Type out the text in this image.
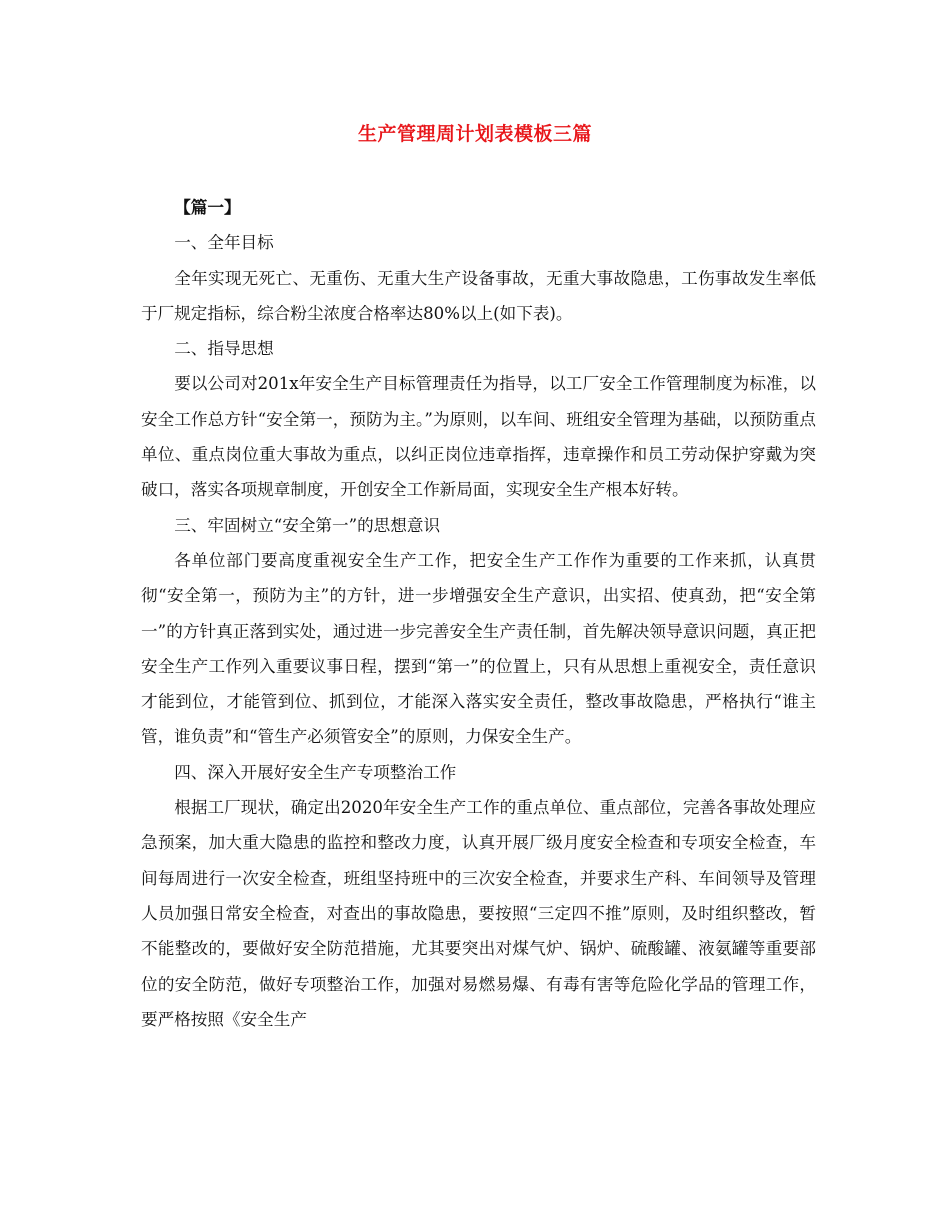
生产管理周计划表模板三篇

【篇一】

一、全年目标

全年实现无死亡、无重伤、无重大生产设备事故，无重大事故隐患，工伤事故发生率低于厂规定指标，综合粉尘浓度合格率达80%以上(如下表)。

二、指导思想

要以公司对201x年安全生产目标管理责任为指导，以工厂安全工作管理制度为标准，以安全工作总方针“安全第一，预防为主。”为原则，以车间、班组安全管理为基础，以预防重点单位、重点岗位重大事故为重点，以纠正岗位违章指挥，违章操作和员工劳动保护穿戴为突破口，落实各项规章制度，开创安全工作新局面，实现安全生产根本好转。

三、牢固树立“安全第一”的思想意识

各单位部门要高度重视安全生产工作，把安全生产工作作为重要的工作来抓，认真贯彻“安全第一，预防为主”的方针，进一步增强安全生产意识，出实招、使真劲，把“安全第一”的方针真正落到实处，通过进一步完善安全生产责任制，首先解决领导意识问题，真正把安全生产工作列入重要议事日程，摆到“第一”的位置上，只有从思想上重视安全，责任意识才能到位，才能管到位、抓到位，才能深入落实安全责任，整改事故隐患，严格执行“谁主管，谁负责”和“管生产必须管安全”的原则，力保安全生产。

四、深入开展好安全生产专项整治工作

根据工厂现状，确定出2020年安全生产工作的重点单位、重点部位，完善各事故处理应急预案，加大重大隐患的监控和整改力度，认真开展厂级月度安全检查和专项安全检查，车间每周进行一次安全检查，班组坚持班中的三次安全检查，并要求生产科、车间领导及管理人员加强日常安全检查，对查出的事故隐患，要按照“三定四不推”原则，及时组织整改，暂不能整改的，要做好安全防范措施，尤其要突出对煤气炉、锅炉、硫酸罐、液氨罐等重要部位的安全防范，做好专项整治工作，加强对易燃易爆、有毒有害等危险化学品的管理工作，要严格按照《安全生产
